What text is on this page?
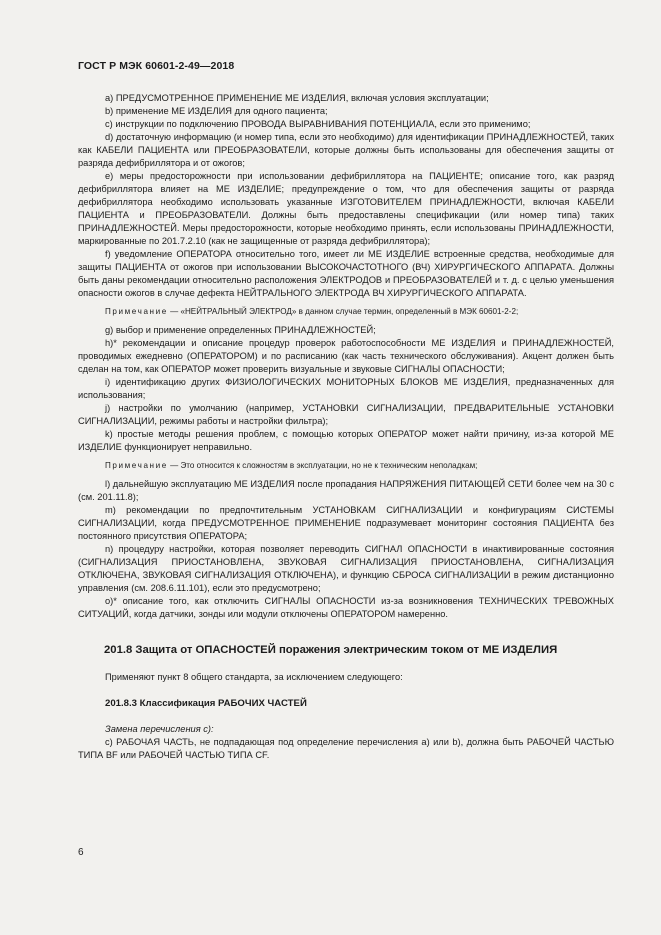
ГОСТ Р МЭК 60601-2-49—2018

a) ПРЕДУСМОТРЕННОЕ ПРИМЕНЕНИЕ МЕ ИЗДЕЛИЯ, включая условия эксплуатации;

b) применение МЕ ИЗДЕЛИЯ для одного пациента;

c) инструкции по подключению ПРОВОДА ВЫРАВНИВАНИЯ ПОТЕНЦИАЛА, если это применимо;

d) достаточную информацию (и номер типа, если это необходимо) для идентификации ПРИНАДЛЕЖНОСТЕЙ, таких как КАБЕЛИ ПАЦИЕНТА или ПРЕОБРАЗОВАТЕЛИ, которые должны быть использованы для обеспечения защиты от разряда дефибриллятора и от ожогов;

e) меры предосторожности при использовании дефибриллятора на ПАЦИЕНТЕ; описание того, как разряд дефибриллятора влияет на МЕ ИЗДЕЛИЕ; предупреждение о том, что для обеспечения защиты от разряда дефибриллятора необходимо использовать указанные ИЗГОТОВИТЕЛЕМ ПРИНАДЛЕЖНОСТИ, включая КАБЕЛИ ПАЦИЕНТА и ПРЕОБРАЗОВАТЕЛИ. Должны быть предоставлены спецификации (или номер типа) таких ПРИНАДЛЕЖНОСТЕЙ. Меры предосторожности, которые необходимо принять, если использованы ПРИНАДЛЕЖНОСТИ, маркированные по 201.7.2.10 (как не защищенные от разряда дефибриллятора);

f) уведомление ОПЕРАТОРА относительно того, имеет ли МЕ ИЗДЕЛИЕ встроенные средства, необходимые для защиты ПАЦИЕНТА от ожогов при использовании ВЫСОКОЧАСТОТНОГО (ВЧ) ХИРУРГИЧЕСКОГО АППАРАТА. Должны быть даны рекомендации относительно расположения ЭЛЕКТРОДОВ и ПРЕОБРАЗОВАТЕЛЕЙ и т. д. с целью уменьшения опасности ожогов в случае дефекта НЕЙТРАЛЬНОГО ЭЛЕКТРОДА ВЧ ХИРУРГИЧЕСКОГО АППАРАТА.

Примечание — «НЕЙТРАЛЬНЫЙ ЭЛЕКТРОД» в данном случае термин, определенный в МЭК 60601-2-2;

g) выбор и применение определенных ПРИНАДЛЕЖНОСТЕЙ;

h)* рекомендации и описание процедур проверок работоспособности МЕ ИЗДЕЛИЯ и ПРИНАДЛЕЖНОСТЕЙ, проводимых ежедневно (ОПЕРАТОРОМ) и по расписанию (как часть технического обслуживания). Акцент должен быть сделан на том, как ОПЕРАТОР может проверить визуальные и звуковые СИГНАЛЫ ОПАСНОСТИ;

i) идентификацию других ФИЗИОЛОГИЧЕСКИХ МОНИТОРНЫХ БЛОКОВ МЕ ИЗДЕЛИЯ, предназначенных для использования;

j) настройки по умолчанию (например, УСТАНОВКИ СИГНАЛИЗАЦИИ, ПРЕДВАРИТЕЛЬНЫЕ УСТАНОВКИ СИГНАЛИЗАЦИИ, режимы работы и настройки фильтра);

k) простые методы решения проблем, с помощью которых ОПЕРАТОР может найти причину, из-за которой МЕ ИЗДЕЛИЕ функционирует неправильно.

Примечание — Это относится к сложностям в эксплуатации, но не к техническим неполадкам;

l) дальнейшую эксплуатацию МЕ ИЗДЕЛИЯ после пропадания НАПРЯЖЕНИЯ ПИТАЮЩЕЙ СЕТИ более чем на 30 с (см. 201.11.8);

m) рекомендации по предпочтительным УСТАНОВКАМ СИГНАЛИЗАЦИИ и конфигурациям СИСТЕМЫ СИГНАЛИЗАЦИИ, когда ПРЕДУСМОТРЕННОЕ ПРИМЕНЕНИЕ подразумевает мониторинг состояния ПАЦИЕНТА без постоянного присутствия ОПЕРАТОРА;

n) процедуру настройки, которая позволяет переводить СИГНАЛ ОПАСНОСТИ в инактивированные состояния (СИГНАЛИЗАЦИЯ ПРИОСТАНОВЛЕНА, ЗВУКОВАЯ СИГНАЛИЗАЦИЯ ПРИОСТАНОВЛЕНА, СИГНАЛИЗАЦИЯ ОТКЛЮЧЕНА, ЗВУКОВАЯ СИГНАЛИЗАЦИЯ ОТКЛЮЧЕНА), и функцию СБРОСА СИГНАЛИЗАЦИИ в режим дистанционно управления (см. 208.6.11.101), если это предусмотрено;

o)* описание того, как отключить СИГНАЛЫ ОПАСНОСТИ из-за возникновения ТЕХНИЧЕСКИХ ТРЕВОЖНЫХ СИТУАЦИЙ, когда датчики, зонды или модули отключены ОПЕРАТОРОМ намеренно.

201.8 Защита от ОПАСНОСТЕЙ поражения электрическим током от МЕ ИЗДЕЛИЯ

Применяют пункт 8 общего стандарта, за исключением следующего:

201.8.3 Классификация РАБОЧИХ ЧАСТЕЙ

Замена перечисления с):

с) РАБОЧАЯ ЧАСТЬ, не подпадающая под определение перечисления a) или b), должна быть РАБОЧЕЙ ЧАСТЬЮ ТИПА BF или РАБОЧЕЙ ЧАСТЬЮ ТИПА CF.

6
